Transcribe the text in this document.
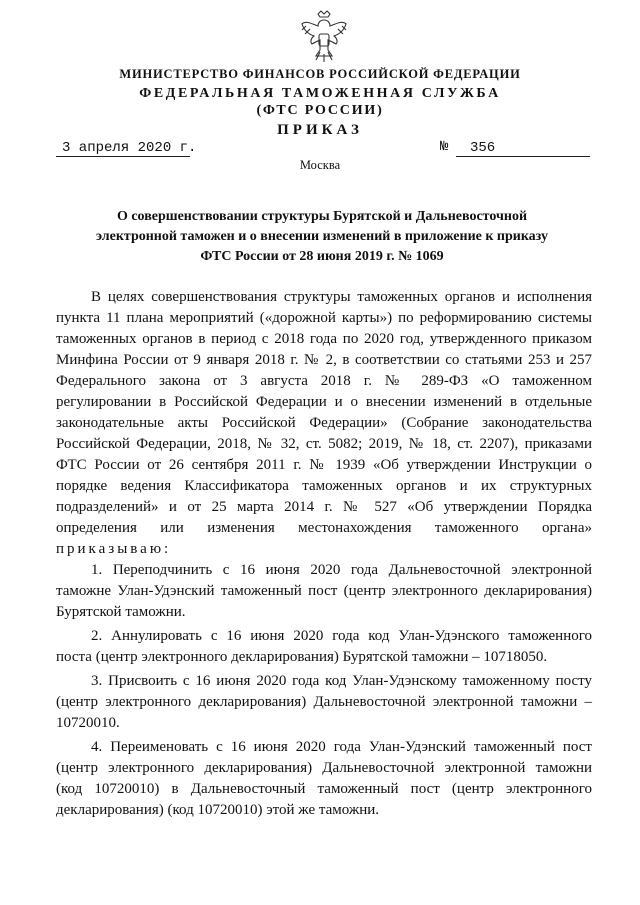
МИНИСТЕРСТВО ФИНАНСОВ РОССИЙСКОЙ ФЕДЕРАЦИИ
ФЕДЕРАЛЬНАЯ ТАМОЖЕННАЯ СЛУЖБА
(ФТС РОССИИ)
ПРИКАЗ
3 апреля 2020 г.	№ 356
Москва
О совершенствовании структуры Бурятской и Дальневосточной
электронной таможен и о внесении изменений в приложение к приказу
ФТС России от 28 июня 2019 г. № 1069
В целях совершенствования структуры таможенных органов и исполнения
пункта 11 плана мероприятий («дорожной карты») по реформированию системы
таможенных органов в период с 2018 года по 2020 год, утвержденного приказом
Минфина России от 9 января 2018 г. № 2, в соответствии со статьями 253 и 257
Федерального закона от 3 августа 2018 г. № 289-ФЗ «О таможенном
регулировании в Российской Федерации и о внесении изменений в отдельные
законодательные акты Российской Федерации» (Собрание законодательства
Российской Федерации, 2018, № 32, ст. 5082; 2019, № 18, ст. 2207), приказами
ФТС России от 26 сентября 2011 г. № 1939 «Об утверждении Инструкции о
порядке ведения Классификатора таможенных органов и их структурных
подразделений» и от 25 марта 2014 г. № 527 «Об утверждении Порядка
определения или изменения местонахождения таможенного органа»
приказываю:
1. Переподчинить с 16 июня 2020 года Дальневосточной электронной
таможне Улан-Удэнский таможенный пост (центр электронного декларирования)
Бурятской таможни.
2. Аннулировать с 16 июня 2020 года код Улан-Удэнского таможенного
поста (центр электронного декларирования) Бурятской таможни – 10718050.
3. Присвоить с 16 июня 2020 года код Улан-Удэнскому таможенному посту
(центр электронного декларирования) Дальневосточной электронной таможни –
10720010.
4. Переименовать с 16 июня 2020 года Улан-Удэнский таможенный пост
(центр электронного декларирования) Дальневосточной электронной таможни
(код 10720010) в Дальневосточный таможенный пост (центр электронного
декларирования) (код 10720010) этой же таможни.
